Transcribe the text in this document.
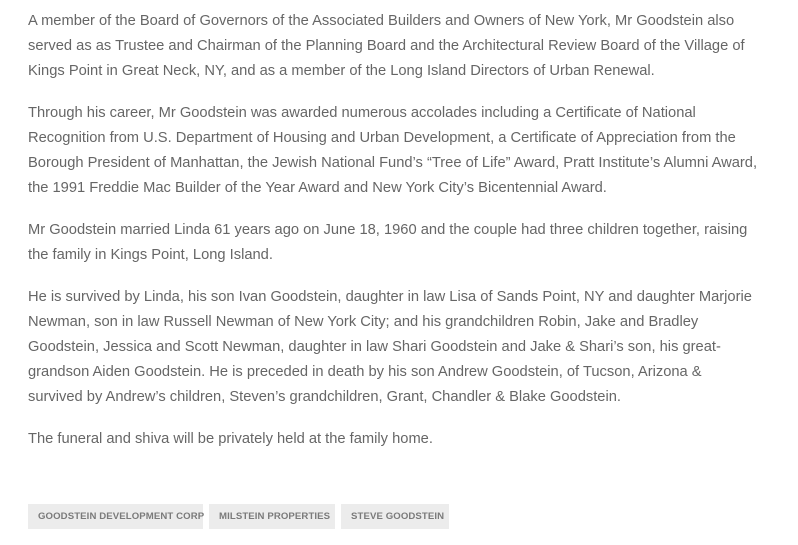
A member of the Board of Governors of the Associated Builders and Owners of New York, Mr Goodstein also served as as Trustee and Chairman of the Planning Board and the Architectural Review Board of the Village of Kings Point in Great Neck, NY, and as a member of the Long Island Directors of Urban Renewal.

Through his career, Mr Goodstein was awarded numerous accolades including a Certificate of National Recognition from U.S. Department of Housing and Urban Development, a Certificate of Appreciation from the Borough President of Manhattan, the Jewish National Fund’s “Tree of Life” Award, Pratt Institute’s Alumni Award, the 1991 Freddie Mac Builder of the Year Award and New York City’s Bicentennial Award.

Mr Goodstein married Linda 61 years ago on June 18, 1960 and the couple had three children together, raising the family in Kings Point, Long Island.

He is survived by Linda, his son Ivan Goodstein, daughter in law Lisa of Sands Point, NY and daughter Marjorie Newman, son in law Russell Newman of New York City; and his grandchildren Robin, Jake and Bradley Goodstein, Jessica and Scott Newman, daughter in law Shari Goodstein and Jake & Shari’s son, his great-grandson Aiden Goodstein. He is preceded in death by his son Andrew Goodstein, of Tucson, Arizona & survived by Andrew’s children, Steven’s grandchildren, Grant, Chandler & Blake Goodstein.

The funeral and shiva will be privately held at the family home.

GOODSTEIN DEVELOPMENT CORP	MILSTEIN PROPERTIES	STEVE GOODSTEIN
